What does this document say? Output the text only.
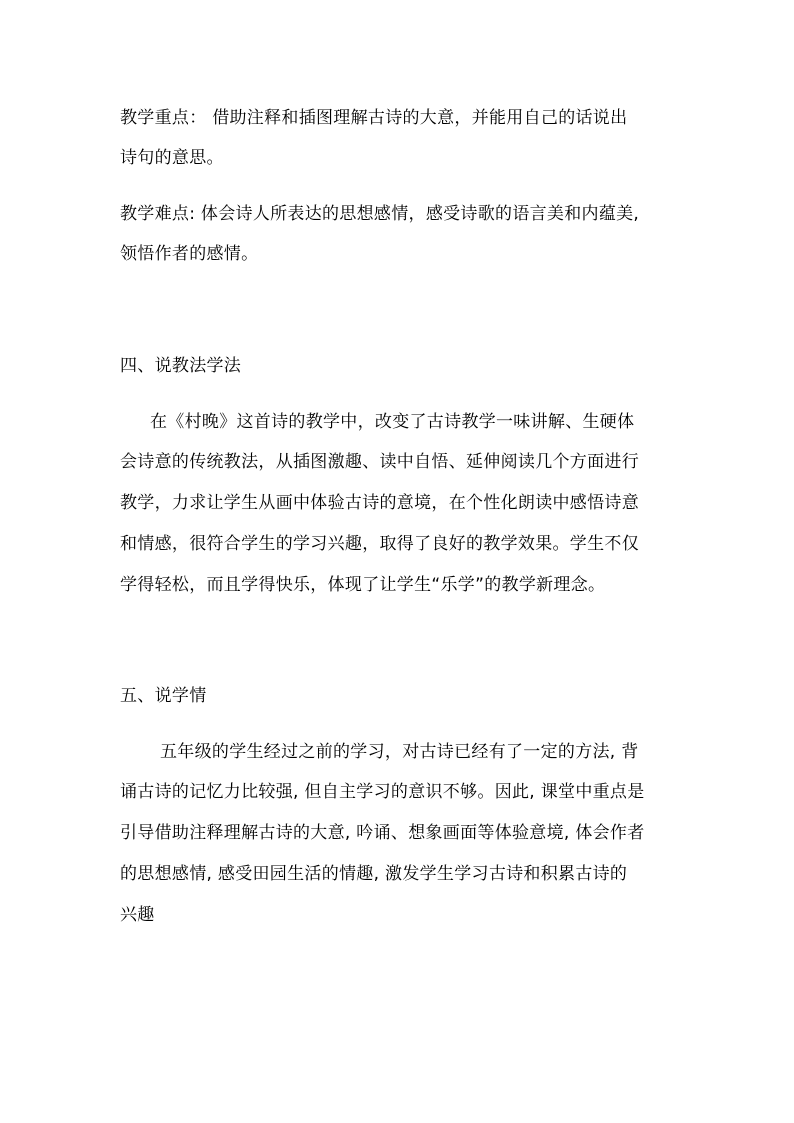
教学重点： 借助注释和插图理解古诗的大意，并能用自己的话说出
诗句的意思。
教学难点: 体会诗人所表达的思想感情，感受诗歌的语言美和内蕴美,
领悟作者的感情。
四、说教法学法
在《村晚》这首诗的教学中，改变了古诗教学一味讲解、生硬体
会诗意的传统教法，从插图激趣、读中自悟、延伸阅读几个方面进行
教学，力求让学生从画中体验古诗的意境，在个性化朗读中感悟诗意
和情感，很符合学生的学习兴趣，取得了良好的教学效果。学生不仅
学得轻松，而且学得快乐，体现了让学生“乐学”的教学新理念。
五、说学情
五年级的学生经过之前的学习，对古诗已经有了一定的方法, 背
诵古诗的记忆力比较强, 但自主学习的意识不够。因此, 课堂中重点是
引导借助注释理解古诗的大意, 吟诵、想象画面等体验意境, 体会作者
的思想感情, 感受田园生活的情趣, 激发学生学习古诗和积累古诗的
兴趣
